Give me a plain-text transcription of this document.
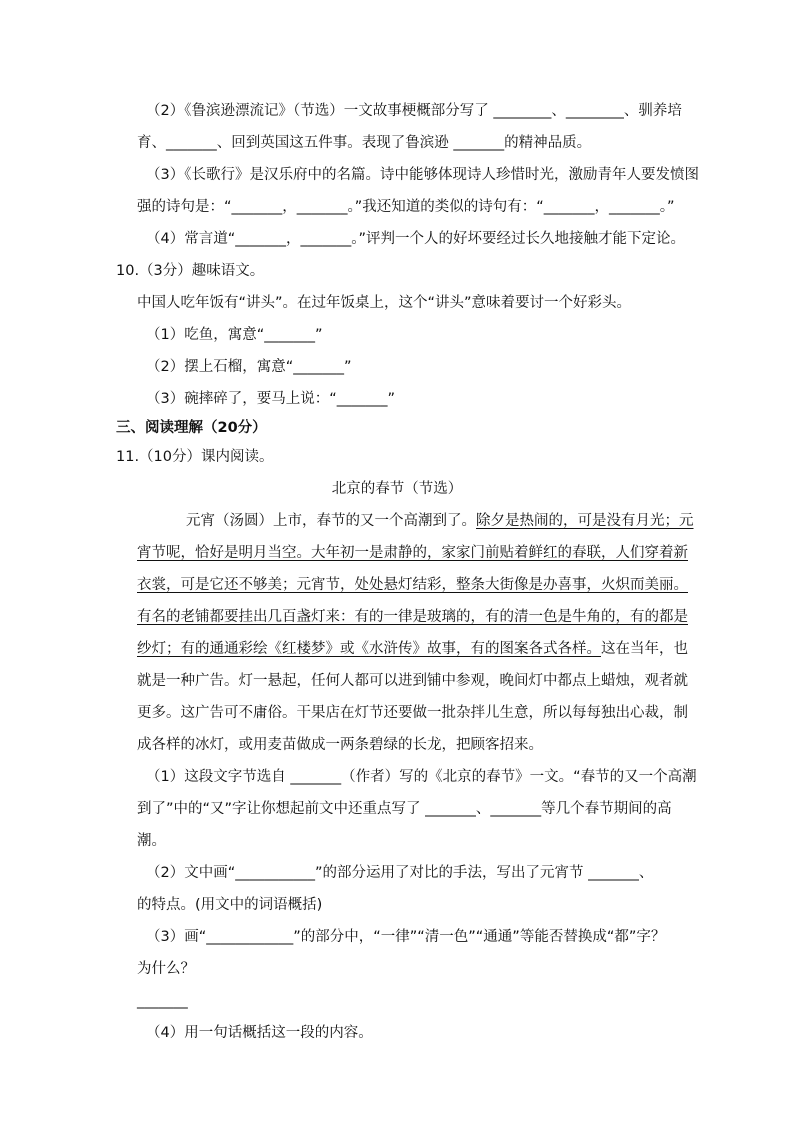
（2）《鲁滨逊漂流记》（节选）一文故事梗概部分写了 ________、________、驯养培
育、_______、回到英国这五件事。表现了鲁滨逊 _______的精神品质。
（3）《长歌行》是汉乐府中的名篇。诗中能够体现诗人珍惜时光，激励青年人要发愤图
强的诗句是：“_______，_______。”我还知道的类似的诗句有：“_______，_______。”
（4）常言道“_______，_______。”评判一个人的好坏要经过长久地接触才能下定论。
10.（3分）趣味语文。
中国人吃年饭有“讲头”。在过年饭桌上，这个“讲头”意味着要讨一个好彩头。
（1）吃鱼，寓意“_______”
（2）摆上石榴，寓意“_______”
（3）碗摔碎了，要马上说：“_______”
三、阅读理解（20分）
11.（10分）课内阅读。
北京的春节（节选）
元宵（汤圆）上市，春节的又一个高潮到了。除夕是热闹的，可是没有月光；元
宵节呢，恰好是明月当空。大年初一是肃静的，家家门前贴着鲜红的春联，人们穿着新
衣裳，可是它还不够美；元宵节，处处悬灯结彩，整条大街像是办喜事，火炽而美丽。
有名的老铺都要挂出几百盏灯来：有的一律是玻璃的，有的清一色是牛角的，有的都是
纱灯；有的通通彩绘《红楼梦》或《水浒传》故事，有的图案各式各样。这在当年，也
就是一种广告。灯一悬起，任何人都可以进到铺中参观，晚间灯中都点上蜡烛，观者就
更多。这广告可不庸俗。干果店在灯节还要做一批杂拌儿生意，所以每每独出心裁，制
成各样的冰灯，或用麦苗做成一两条碧绿的长龙，把顾客招来。
（1）这段文字节选自 _______（作者）写的《北京的春节》一文。“春节的又一个高潮
到了”中的“又”字让你想起前文中还重点写了 _______、_______等几个春节期间的高
潮。
（2）文中画“___________”的部分运用了对比的手法，写出了元宵节 _______、
的特点。(用文中的词语概括)
（3）画“____________”的部分中，“一律”“清一色”“通通”等能否替换成“都”字？
为什么？
_______
（4）用一句话概括这一段的内容。
